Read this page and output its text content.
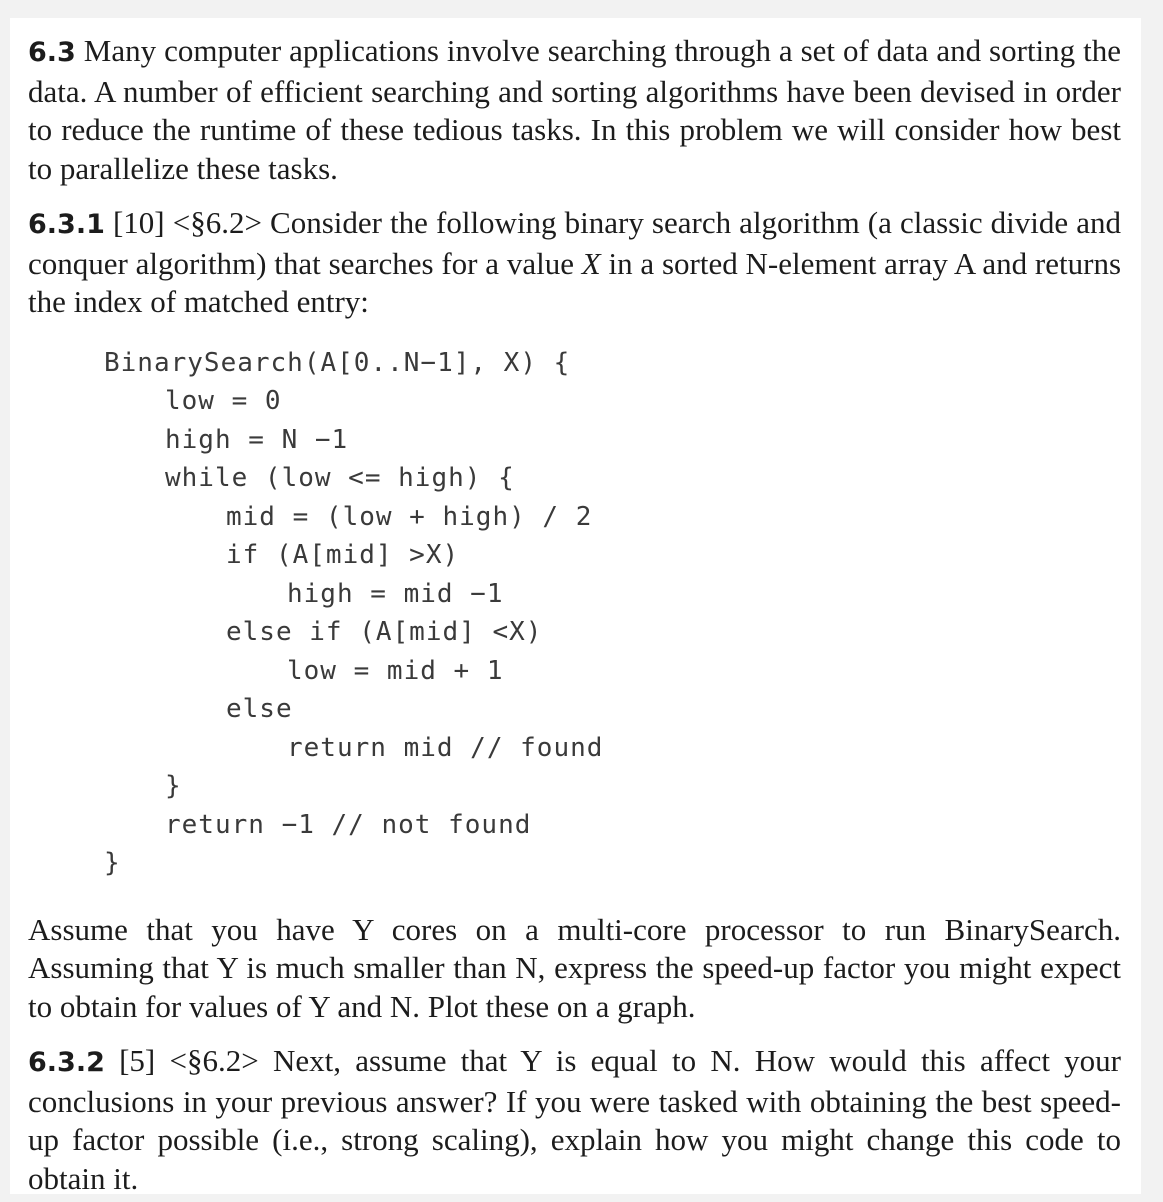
6.3 Many computer applications involve searching through a set of data and sorting the data. A number of efficient searching and sorting algorithms have been devised in order to reduce the runtime of these tedious tasks. In this problem we will consider how best to parallelize these tasks.

6.3.1 [10] <§6.2> Consider the following binary search algorithm (a classic divide and conquer algorithm) that searches for a value X in a sorted N-element array A and returns the index of matched entry:

BinarySearch(A[0..N−1], X) {
low = 0
high = N −1
while (low <= high) {
mid = (low + high) / 2
if (A[mid] >X)
high = mid −1
else if (A[mid] <X)
low = mid + 1
else
return mid // found
}
return −1 // not found
}

Assume that you have Y cores on a multi-core processor to run BinarySearch. Assuming that Y is much smaller than N, express the speed-up factor you might expect to obtain for values of Y and N. Plot these on a graph.

6.3.2 [5] <§6.2> Next, assume that Y is equal to N. How would this affect your conclusions in your previous answer? If you were tasked with obtaining the best speed-up factor possible (i.e., strong scaling), explain how you might change this code to obtain it.
